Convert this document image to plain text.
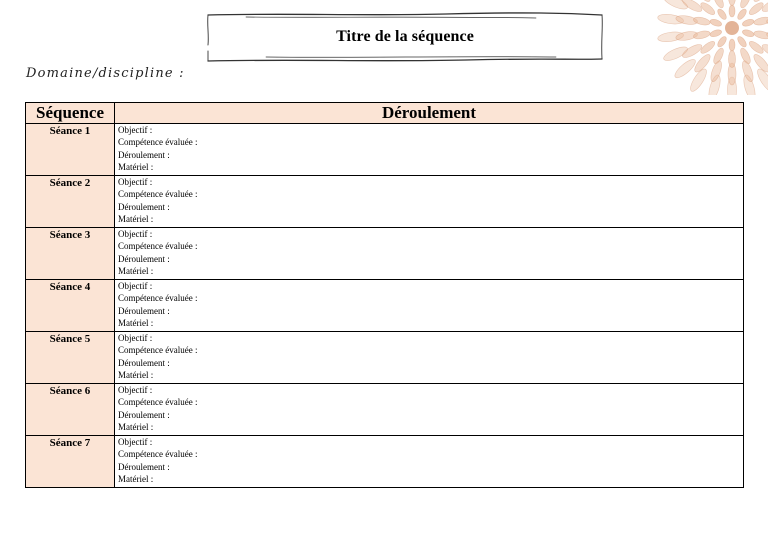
Titre de la séquence
Domaine/discipline :
Séquence	Déroulement
Séance 1	Objectif :
Compétence évaluée :
Déroulement :
Matériel :

Séance 2	Objectif :
Compétence évaluée :
Déroulement :
Matériel :

Séance 3	Objectif :
Compétence évaluée :
Déroulement :
Matériel :

Séance 4	Objectif :
Compétence évaluée :
Déroulement :
Matériel :

Séance 5	Objectif :
Compétence évaluée :
Déroulement :
Matériel :

Séance 6	Objectif :
Compétence évaluée :
Déroulement :
Matériel :

Séance 7	Objectif :
Compétence évaluée :
Déroulement :
Matériel :
